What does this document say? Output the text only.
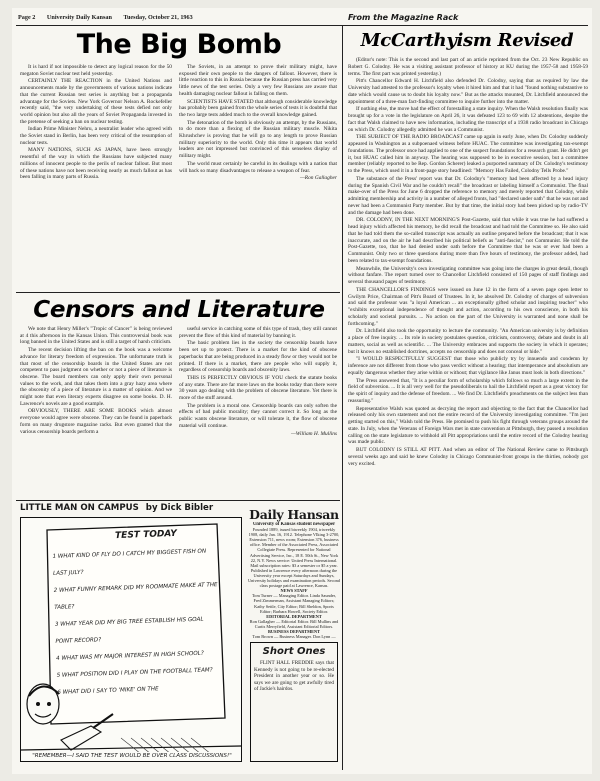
Page 2 University Daily Kansan Tuesday, October 21, 1963	From the Magazine Rack
The Big Bomb

It is hard if not impossible to detect any logical reason for the 50 megaton Soviet nuclear test held yesterday.

CERTAINLY THE REACTION in the United Nations and announcements made by the governments of various nations indicate that the current Russian test series is anything but a propaganda advantage for the Soviets. New York Governor Nelson A. Rockefeller recently said, "the very undertaking of these tests defied not only world opinion but also all the years of Soviet Propaganda invested in the pretense of seeking a ban on nuclear testing.

Indian Prime Minister Nehru, a neutralist leader who agreed with the Soviet stand in Berlin, has been very critical of the resumption of nuclear tests.

MANY NATIONS, SUCH AS JAPAN, have been strongly resentful of the way in which the Russians have subjected many millions of innocent people to the perils of nuclear fallout. But most of these nations have not been receiving nearly as much fallout as has been falling in many parts of Russia.

The Soviets, in an attempt to prove their military might, have exposed their own people to the dangers of fallout. However, there is little reaction to this in Russia because the Russian press has carried very little news of the test series. Only a very few Russians are aware that health damaging nuclear fallout is falling on them.

SCIENTISTS HAVE STATED that although considerable knowledge has probably been gained from the whole series of tests it is doubtful that the two large tests added much to the overall knowledge gained.

The detonation of the bomb is obviously an attempt, by the Russians, to do more than a flexing of the Russian military muscle. Nikita Khrushchev is proving that he will go to any length to prove Russian military superiority to the world. Only this time it appears that world leaders are not impressed but convinced of this senseless display of military might.

The world must certainly be careful in its dealings with a nation that will back so many disadvantages to release a weapon of fear.

—Ron Gallagher
Censors and Literature

We note that Henry Miller's "Tropic of Cancer" is being reviewed at 4 this afternoon in the Kansas Union. This controversial book was long banned in the United States and is still a target of harsh criticism.

The recent decision lifting the ban on the book was a welcome advance for literary freedom of expression. The unfortunate truth is that most of the censorship boards in the United States are not competent to pass judgment on whether or not a piece of literature is obscene. The board members can only apply their own personal values to the work, and that takes them into a gray hazy area where the obscenity of a piece of literature is a matter of opinion. And we might note that even literary experts disagree on some books. D. H. Lawrence's novels are a good example.

OBVIOUSLY, THERE ARE SOME BOOKS which almost everyone would agree were obscene. They can be found in paperback form on many drugstore magazine racks. But even granted that the various censorship boards perform a

useful service in catching some of this type of trash, they still cannot prevent the flow of this kind of material by banning it.

The basic problem lies in the society the censorship boards have been set up to protect. There is a market for the kind of obscene paperbacks that are being produced in a steady flow or they would not be printed. If there is a market, there are people who will supply it, regardless of censorship boards and obscenity laws.

THIS IS PERFECTLY OBVIOUS IF YOU check the statute books of any state. There are far more laws on the books today than there were 30 years ago dealing with the problem of obscene literature. Yet there is more of the stuff around.

The problem is a moral one. Censorship boards can only soften the effects of bad public morality; they cannot correct it. So long as the public wants obscene literature, or will tolerate it, the flow of obscene material will continue.

—William H. Mullins
LITTLE MAN ON CAMPUS by Dick Bibler
TEST TODAY
1 WHAT KIND OF FLY DO I CATCH MY BIGGEST FISH ON LAST JULY?
2 WHAT FUNNY REMARK DID MY ROOMMATE MAKE AT THE TABLE?
3 WHAT YEAR DID MY BIG TREE ESTABLISH HIS GOAL POINT RECORD?
4 WHAT WAS MY MAJOR INTEREST IN HIGH SCHOOL?
5 WHAT POSITION DID I PLAY ON THE FOOTBALL TEAM?
6 WHAT DID I SAY TO 'MIKE' ON THE
"REMEMBER—I SAID THE TEST WOULD BE OVER CLASS DISCUSSIONS!"
Daily Hansan
University of Kansas student newspaper
Founded 1889, issued biweekly 1904, triweekly 1908, daily Jan. 16, 1912. Telephone VIking 3-2700, Extension 711, news room; Extension 376, business office. Member of the Associated Press, Associated Collegiate Press. Represented for National Advertising Service, Inc., 18 E. 50th St., New York 22, N.Y. News service: United Press International. Mail subscription rates: $3 a semester or $5 a year. Published in Lawrence every afternoon during the University year except Saturdays and Sundays, University holidays and examination periods. Second class postage paid at Lawrence, Kansas.
NEWS STAFF
Tom Turner — Managing Editor. Linda Saunder, Fred Zimmerman, Assistant Managing Editors; Kathy Settle, City Editor; Bill Sheldon, Sports Editor; Barbara Howell, Society Editor.
EDITORIAL DEPARTMENT
Ron Gallagher — Editorial Editor. Bill Mullins and Curtis Merryfield, Assistant Editorial Editors.
BUSINESS DEPARTMENT
Tom Brown — Business Manager. Don Lynn —
Short Ones
FLINT HALL FREDDIE says that Kennedy is not going to be re-elected President in another year or so. He says we are going to get awfully tired of Jackie's hairdos.
McCarthyism Revised

(Editor's note: This is the second and last part of an article reprinted from the Oct. 23 New Republic on Robert G. Colodny. He was a visiting assistant professor of history at KU during the 1957-58 and 1958-59 terms. The first part was printed yesterday.)

Pitt's Chancellor Edward H. Litchfield also defended Dr. Colodny, saying that as required by law the University had attested to the professor's loyalty when it hired him and that it had "found nothing substantive to date which would cause us to doubt his loyalty now." But as the attacks mounted, Dr. Litchfield announced the appointment of a three-man fact-finding committee to inquire further into the matter.

If nothing else, the move had the effect of forestalling a state inquiry. When the Walsh resolution finally was brought up for a vote in the legislature on April 26, it was defeated 123 to 69 with 12 abstentions, despite the fact that Walsh claimed to have new information, including the transcript of a 1938 radio broadcast in Chicago on which Dr. Colodny allegedly admitted he was a Communist.

THE SUBJECT OF THE RADIO BROADCAST came up again in early June, when Dr. Colodny suddenly appeared in Washington as a subpoenaed witness before HUAC. The committee was investigating tax-exempt foundations. The professor once had applied to one of the suspect foundations for a research grant. He didn't get it, but HUAC called him in anyway. The hearing was supposed to be in executive session, but a committee member (reliably reported to be Rep. Gordon Scherer) leaked a purported summary of Dr. Colodny's testimony to the Press, which used it in a front-page story headlined: "Memory Has Failed, Colodny Tells Probe."

The substance of the Press' report was that Dr. Colodny's "memory had been affected by a head injury during the Spanish Civil War and he couldn't recall" the broadcast or labeling himself a Communist. The final make-over of the Press for June 6 dropped the reference to memory and merely reported that Colodny, while admitting membership and activity in a number of alleged fronts, had "declared under oath" that he was not and never had been a Communist Party member. But by that time, the initial story had been picked up by radio-TV and the damage had been done.

DR. COLODNY, IN THE NEXT MORNING'S Post-Gazette, said that while it was true he had suffered a head injury which affected his memory, he did recall the broadcast and had told the Committee so. He also said that he had told them the so-called transcript was actually an outline prepared before the broadcast; that it was inaccurate, and on the air he had described his political beliefs as "anti-fascist," not Communist. He told the Post-Gazette, too, that he had denied under oath before the Committee that he was or ever had been a Communist. Only two or three questions during more than five hours of testimony, the professor added, had been related to tax-exempt foundations.

Meanwhile, the University's own investigating committee was going into the charges in great detail, though without fanfare. The report turned over to Chancellor Litchfield consisted of 150 pages of staff findings and several thousand pages of testimony.

THE CHANCELLOR'S FINDINGS were issued on June 12 in the form of a seven page open letter to Gwilym Price, Chairman of Pitt's Board of Trustees. In it, he absolved Dr. Colodny of charges of subversion and said the professor was "a loyal American ... an exceptionally gifted scholar and inspiring teacher" who "exhibits exceptional independence of thought and action, according to his own conscience, in both his scholarly and societal pursuits. ... No action on the part of the University is warranted and none shall be forthcoming."

Dr. Litchfield also took the opportunity to lecture the community. "An American university is by definition a place of free inquiry. ... Its role in society postulates question, criticism, controversy, debate and doubt in all matters, social as well as scientific. ... The University embraces and supports the society in which it operates; but it knows no established doctrines, accepts no censorship and does not conceal or hide."

"I WOULD RESPECTFULLY SUGGEST that those who publicly try by innuendo and condemn by inference are not different from those who pass verdict without a hearing; that intemperance and absolutism are equally dangerous whether they arise within or without; that vigilance like Janus must look in both directions."

The Press answered that, "It is a peculiar form of scholarship which follows so much a large extent in the field of subversion. ... It is all very well for the pseudoliberals to hail the Litchfield report as a great victory for the spirit of inquiry and the defense of freedom. ... We find Dr. Litchfield's preachments on the subject less than reassuring."

Representative Walsh was quoted as decrying the report and objecting to the fact that the Chancellor had released only his own statement and not the entire record of the University investigating committee. "I'm just getting started on this," Walsh told the Press. He promised to push his fight through veterans groups around the state. In July, when the Veterans of Foreign Wars met in state convention at Pittsburgh, they passed a resolution calling on the state legislature to withhold all Pitt appropriations until the entire record of the Colodny hearing was made public.

BUT COLODNY IS STILL AT PITT. And when an editor of The National Review came to Pittsburgh several weeks ago and said he knew Colodny in Chicago Communist-front groups in the thirties, nobody got very excited.
